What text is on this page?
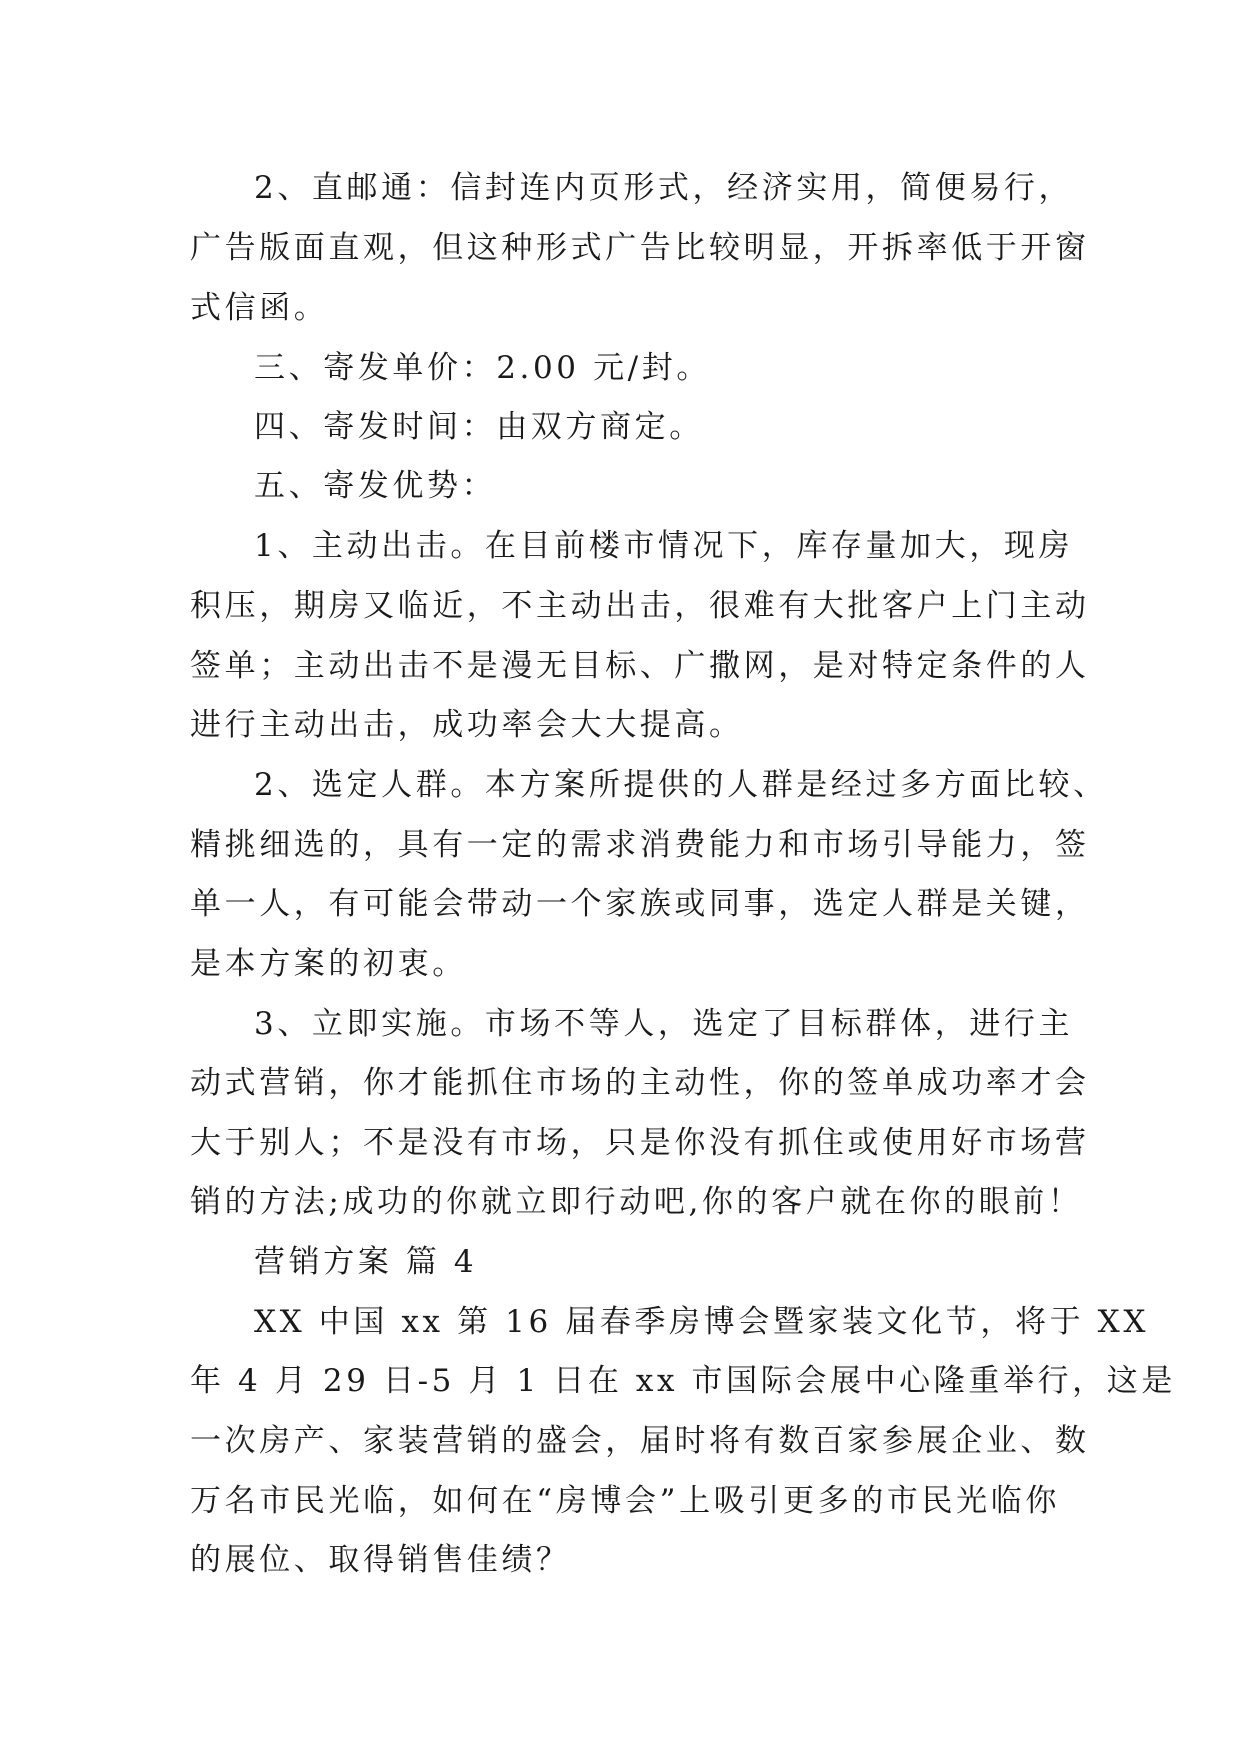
2、直邮通：信封连内页形式，经济实用，简便易行，
广告版面直观，但这种形式广告比较明显，开拆率低于开窗
式信函。
三、寄发单价：2.00 元/封。
四、寄发时间：由双方商定。
五、寄发优势：
1、主动出击。在目前楼市情况下，库存量加大，现房
积压，期房又临近，不主动出击，很难有大批客户上门主动
签单；主动出击不是漫无目标、广撒网，是对特定条件的人
进行主动出击，成功率会大大提高。
2、选定人群。本方案所提供的人群是经过多方面比较、
精挑细选的，具有一定的需求消费能力和市场引导能力，签
单一人，有可能会带动一个家族或同事，选定人群是关键，
是本方案的初衷。
3、立即实施。市场不等人，选定了目标群体，进行主
动式营销，你才能抓住市场的主动性，你的签单成功率才会
大于别人；不是没有市场，只是你没有抓住或使用好市场营
销的方法;成功的你就立即行动吧,你的客户就在你的眼前！
营销方案 篇 4
XX 中国 xx 第 16 届春季房博会暨家装文化节，将于 XX
年 4 月 29 日-5 月 1 日在 xx 市国际会展中心隆重举行，这是
一次房产、家装营销的盛会，届时将有数百家参展企业、数
万名市民光临，如何在“房博会”上吸引更多的市民光临你
的展位、取得销售佳绩？
